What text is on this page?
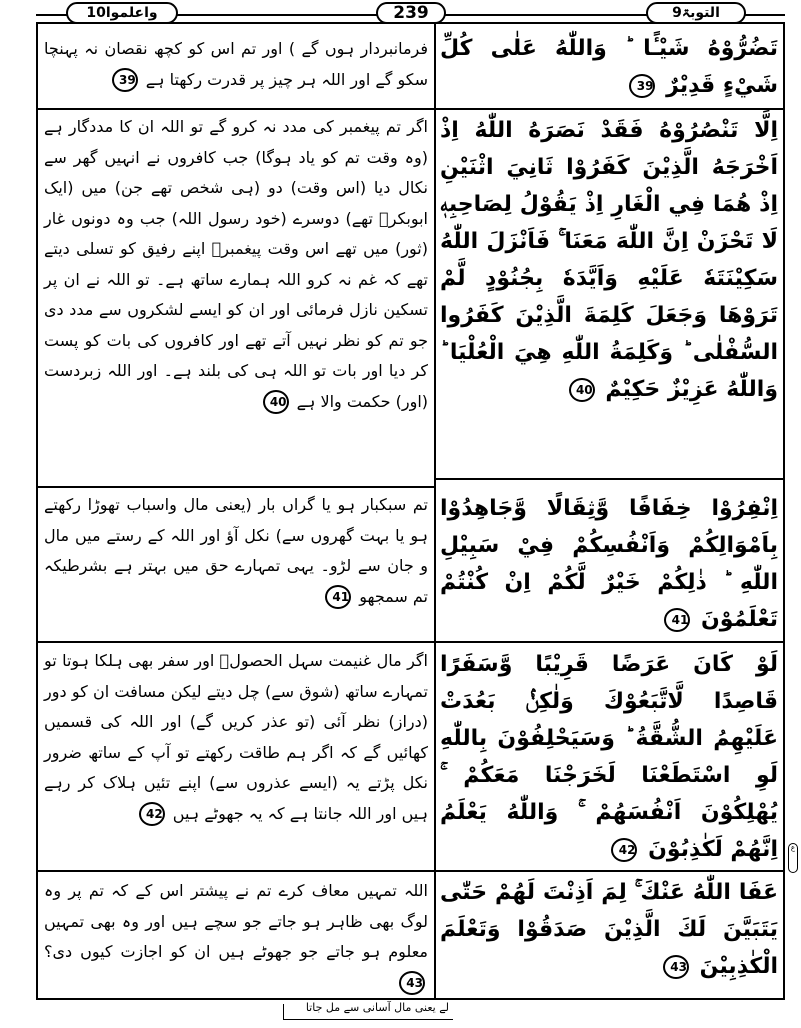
واعلموا10	239	التوبۃ9
تَضُرُّوْهُ شَيْـًٔا ؕ وَاللّٰهُ عَلٰى كُلِّ شَيْءٍ قَدِيْرٌ 39
فرمانبردار ہوں گے ) اور تم اس کو کچھ نقصان نہ پہنچا سکو گے اور اللہ ہر چیز پر قدرت رکھتا ہے 39
اِلَّا تَنْصُرُوْهُ فَقَدْ نَصَرَهُ اللّٰهُ اِذْ اَخْرَجَهُ الَّذِيْنَ كَفَرُوْا ثَانِيَ اثْنَيْنِ اِذْ هُمَا فِي الْغَارِ اِذْ يَقُوْلُ لِصَاحِبِهٖ لَا تَحْزَنْ اِنَّ اللّٰهَ مَعَنَا ۚ فَاَنْزَلَ اللّٰهُ سَكِيْنَتَهٗ عَلَيْهِ وَاَيَّدَهٗ بِجُنُوْدٍ لَّمْ تَرَوْهَا وَجَعَلَ كَلِمَةَ الَّذِيْنَ كَفَرُوا السُّفْلٰى ؕ وَكَلِمَةُ اللّٰهِ هِيَ الْعُلْيَا ؕ وَاللّٰهُ عَزِيْزٌ حَكِيْمٌ 40
اگر تم پیغمبر کی مدد نہ کرو گے تو اللہ ان کا مددگار ہے (وہ وقت تم کو یاد ہوگا) جب کافروں نے انہیں گھر سے نکال دیا (اس وقت) دو (ہی شخص تھے جن) میں (ایک ابوبکرؓ تھے) دوسرے (خود رسول اللہ) جب وہ دونوں غار (ثور) میں تھے اس وقت پیغمبرؐ اپنے رفیق کو تسلی دیتے تھے کہ غم نہ کرو اللہ ہمارے ساتھ ہے۔ تو اللہ نے ان پر تسکین نازل فرمائی اور ان کو ایسے لشکروں سے مدد دی جو تم کو نظر نہیں آتے تھے اور کافروں کی بات کو پست کر دیا اور بات تو اللہ ہی کی بلند ہے۔ اور اللہ زبردست (اور) حکمت والا ہے 40
اِنْفِرُوْا خِفَافًا وَّثِقَالًا وَّجَاهِدُوْا بِاَمْوَالِكُمْ وَاَنْفُسِكُمْ فِيْ سَبِيْلِ اللّٰهِ ؕ ذٰلِكُمْ خَيْرٌ لَّكُمْ اِنْ كُنْتُمْ تَعْلَمُوْنَ 41
تم سبکبار ہو یا گراں بار (یعنی مال واسباب تھوڑا رکھتے ہو یا بہت گھروں سے) نکل آؤ اور اللہ کے رستے میں مال و جان سے لڑو۔ یہی تمہارے حق میں بہتر ہے بشرطیکہ تم سمجھو 41
لَوْ كَانَ عَرَضًا قَرِيْبًا وَّسَفَرًا قَاصِدًا لَّاتَّبَعُوْكَ وَلٰكِنْۢ بَعُدَتْ عَلَيْهِمُ الشُّقَّةُ ؕ وَسَيَحْلِفُوْنَ بِاللّٰهِ لَوِ اسْتَطَعْنَا لَخَرَجْنَا مَعَكُمْ ۚ يُهْلِكُوْنَ اَنْفُسَهُمْ ۚ وَاللّٰهُ يَعْلَمُ اِنَّهُمْ لَكٰذِبُوْنَ 42
اگر مال غنیمت سہل الحصولؔ اور سفر بھی ہلکا ہوتا تو تمہارے ساتھ (شوق سے) چل دیتے لیکن مسافت ان کو دور (دراز) نظر آئی (تو عذر کریں گے) اور اللہ کی قسمیں کھائیں گے کہ اگر ہم طاقت رکھتے تو آپ کے ساتھ ضرور نکل پڑتے یہ (ایسے عذروں سے) اپنے تئیں ہلاک کر رہے ہیں اور اللہ جانتا ہے کہ یہ جھوٹے ہیں 42
عَفَا اللّٰهُ عَنْكَ ۚ لِمَ اَذِنْتَ لَهُمْ حَتّٰى يَتَبَيَّنَ لَكَ الَّذِيْنَ صَدَقُوْا وَتَعْلَمَ الْكٰذِبِيْنَ 43
اللہ تمہیں معاف کرے تم نے پیشتر اس کے کہ تم پر وہ لوگ بھی ظاہر ہو جاتے جو سچے ہیں اور وہ بھی تمہیں معلوم ہو جاتے جو جھوٹے ہیں ان کو اجازت کیوں دی؟ 43
ع
لے یعنی مال آسانی سے مل جاتا
